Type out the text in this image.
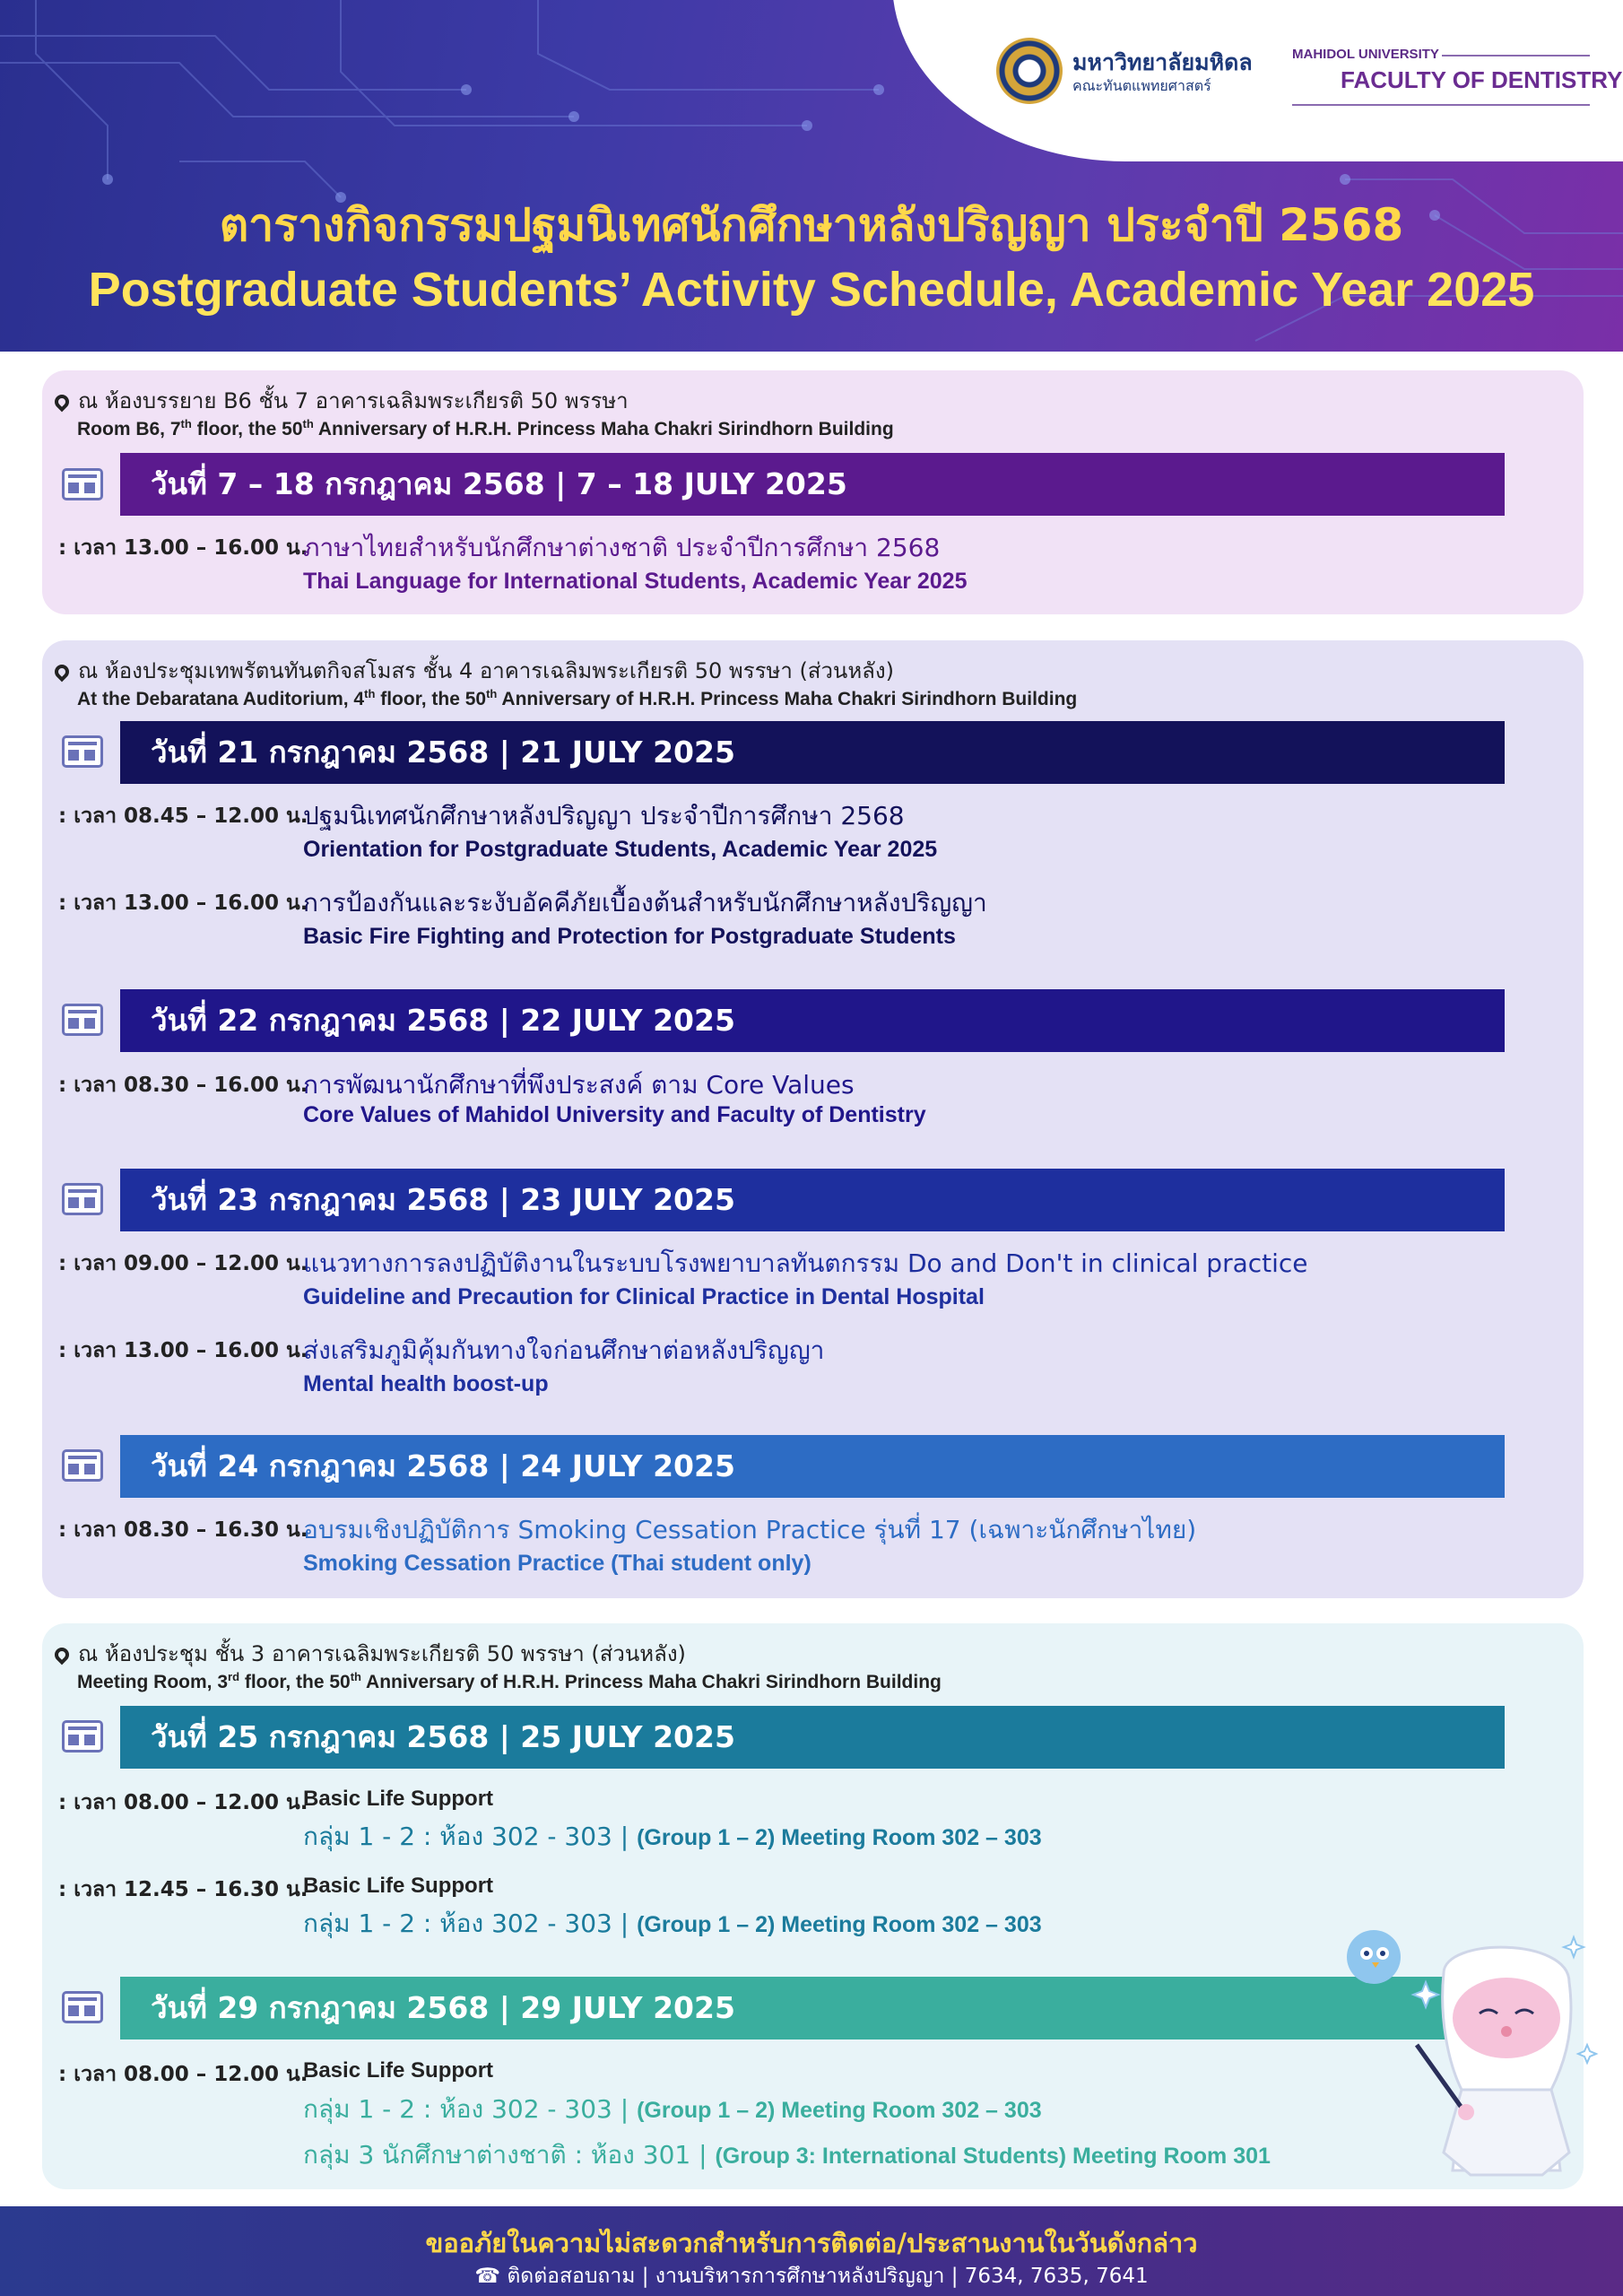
มหาวิทยาลัยมหิดล
คณะทันตแพทยศาสตร์
MAHIDOL UNIVERSITY
FACULTY OF DENTISTRY
ตารางกิจกรรมปฐมนิเทศนักศึกษาหลังปริญญา ประจำปี 2568
Postgraduate Students’ Activity Schedule, Academic Year 2025
ณ ห้องบรรยาย B6 ชั้น 7 อาคารเฉลิมพระเกียรติ 50 พรรษา
Room B6, 7th floor, the 50th Anniversary of H.R.H. Princess Maha Chakri Sirindhorn Building
วันที่ 7 – 18 กรกฎาคม 2568 | 7 – 18 JULY 2025
: เวลา 13.00 – 16.00 น.
ภาษาไทยสำหรับนักศึกษาต่างชาติ ประจำปีการศึกษา 2568
Thai Language for International Students, Academic Year 2025
ณ ห้องประชุมเทพรัตนทันตกิจสโมสร ชั้น 4 อาคารเฉลิมพระเกียรติ 50 พรรษา (ส่วนหลัง)
At the Debaratana Auditorium, 4th floor, the 50th Anniversary of H.R.H. Princess Maha Chakri Sirindhorn Building
วันที่ 21 กรกฎาคม 2568 | 21 JULY 2025
: เวลา 08.45 – 12.00 น.
ปฐมนิเทศนักศึกษาหลังปริญญา ประจำปีการศึกษา 2568
Orientation for Postgraduate Students, Academic Year 2025
: เวลา 13.00 – 16.00 น.
การป้องกันและระงับอัคคีภัยเบื้องต้นสำหรับนักศึกษาหลังปริญญา
Basic Fire Fighting and Protection for Postgraduate Students
วันที่ 22 กรกฎาคม 2568 | 22 JULY 2025
: เวลา 08.30 – 16.00 น.
การพัฒนานักศึกษาที่พึงประสงค์ ตาม Core Values
Core Values of Mahidol University and Faculty of Dentistry
วันที่ 23 กรกฎาคม 2568 | 23 JULY 2025
: เวลา 09.00 – 12.00 น.
แนวทางการลงปฏิบัติงานในระบบโรงพยาบาลทันตกรรม Do and Don't in clinical practice
Guideline and Precaution for Clinical Practice in Dental Hospital
: เวลา 13.00 – 16.00 น.
ส่งเสริมภูมิคุ้มกันทางใจก่อนศึกษาต่อหลังปริญญา
Mental health boost-up
วันที่ 24 กรกฎาคม 2568 | 24 JULY 2025
: เวลา 08.30 – 16.30 น.
อบรมเชิงปฏิบัติการ Smoking Cessation Practice รุ่นที่ 17 (เฉพาะนักศึกษาไทย)
Smoking Cessation Practice (Thai student only)
ณ ห้องประชุม ชั้น 3 อาคารเฉลิมพระเกียรติ 50 พรรษา (ส่วนหลัง)
Meeting Room, 3rd floor, the 50th Anniversary of H.R.H. Princess Maha Chakri Sirindhorn Building
วันที่ 25 กรกฎาคม 2568 | 25 JULY 2025
: เวลา 08.00 – 12.00 น.
Basic Life Support
กลุ่ม 1 - 2 : ห้อง 302 - 303 | (Group 1 – 2) Meeting Room 302 – 303
: เวลา 12.45 – 16.30 น.
Basic Life Support
กลุ่ม 1 - 2 : ห้อง 302 - 303 | (Group 1 – 2) Meeting Room 302 – 303
วันที่ 29 กรกฎาคม 2568 | 29 JULY 2025
: เวลา 08.00 – 12.00 น.
Basic Life Support
กลุ่ม 1 - 2 : ห้อง 302 - 303 | (Group 1 – 2) Meeting Room 302 – 303
กลุ่ม 3 นักศึกษาต่างชาติ : ห้อง 301 | (Group 3: International Students) Meeting Room 301
ขออภัยในความไม่สะดวกสำหรับการติดต่อ/ประสานงานในวันดังกล่าว
☎ ติดต่อสอบถาม | งานบริหารการศึกษาหลังปริญญา | 7634, 7635, 7641
